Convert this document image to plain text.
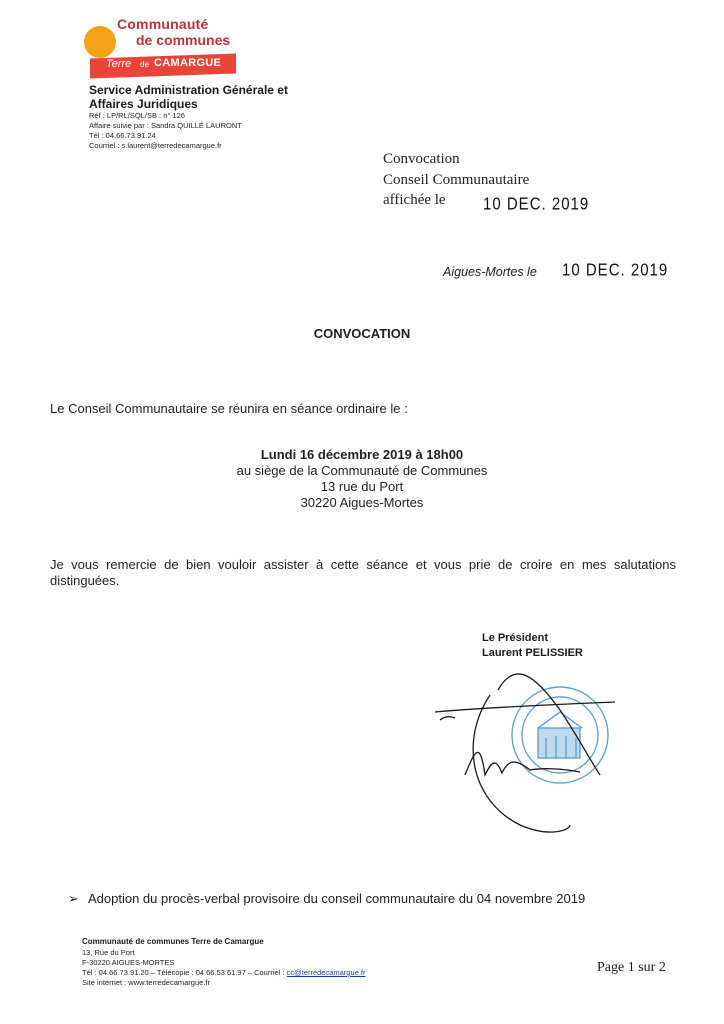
Communauté
de communes
Terre de CAMARGUE
Service Administration Générale et
Affaires Juridiques
Réf : LP/RL/SQL/SB : n° 126
Affaire suivie par : Sandra QUILLÉ LAURONT
Tél : 04.66.73.91.24
Courriel : s.laurent@terredecamargue.fr
Convocation
Conseil Communautaire
affichée le 10 DEC. 2019
Aigues-Mortes le 10 DEC. 2019
CONVOCATION
Le Conseil Communautaire se réunira en séance ordinaire le :
Lundi 16 décembre 2019 à 18h00
au siège de la Communauté de Communes
13 rue du Port
30220 Aigues-Mortes
Je vous remercie de bien vouloir assister à cette séance et vous prie de croire en mes salutations
distinguées.
Le Président
Laurent PELISSIER
➢ Adoption du procès-verbal provisoire du conseil communautaire du 04 novembre 2019
Communauté de communes Terre de Camargue
13, Rue du Port
F-30220 AIGUES-MORTES
Tél : 04.66.73.91.20 – Télécopie : 04.66.53.61.97 – Courriel : cc@terredecamargue.fr
Site internet : www.terredecamargue.fr
Page 1 sur 2
